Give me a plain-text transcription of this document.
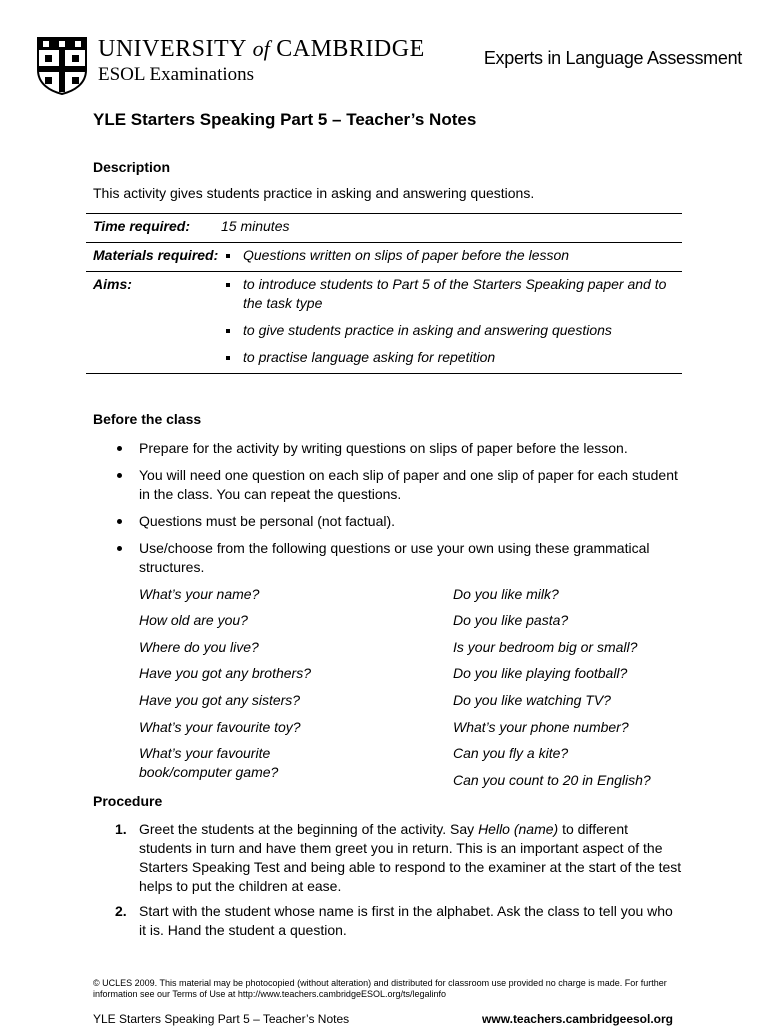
UNIVERSITY of CAMBRIDGE
ESOL Examinations
Experts in Language Assessment
YLE Starters Speaking Part 5 – Teacher’s Notes
Description
This activity gives students practice in asking and answering questions.
Time required:	15 minutes
Materials required:	Questions written on slips of paper before the lesson

Aims:	to introduce students to Part 5 of the Starters Speaking paper and to the task type
to give students practice in asking and answering questions
to practise language asking for repetition
Before the class
Prepare for the activity by writing questions on slips of paper before the lesson.
You will need one question on each slip of paper and one slip of paper for each student in the class. You can repeat the questions.
Questions must be personal (not factual).
Use/choose from the following questions or use your own using these grammatical structures.
What’s your name?
How old are you?
Where do you live?
Have you got any brothers?
Have you got any sisters?
What’s your favourite toy?
What’s your favourite book/computer game?
Do you like milk?
Do you like pasta?
Is your bedroom big or small?
Do you like playing football?
Do you like watching TV?
What’s your phone number?
Can you fly a kite?
Can you count to 20 in English?
Procedure
1. Greet the students at the beginning of the activity. Say Hello (name) to different students in turn and have them greet you in return. This is an important aspect of the Starters Speaking Test and being able to respond to the examiner at the start of the test helps to put the children at ease.
2. Start with the student whose name is first in the alphabet. Ask the class to tell you who it is. Hand the student a question.
© UCLES 2009. This material may be photocopied (without alteration) and distributed for classroom use provided no charge is made. For further information see our Terms of Use at http://www.teachers.cambridgeESOL.org/ts/legalinfo
YLE Starters Speaking Part 5 – Teacher’s Notes	www.teachers.cambridgeesol.org
